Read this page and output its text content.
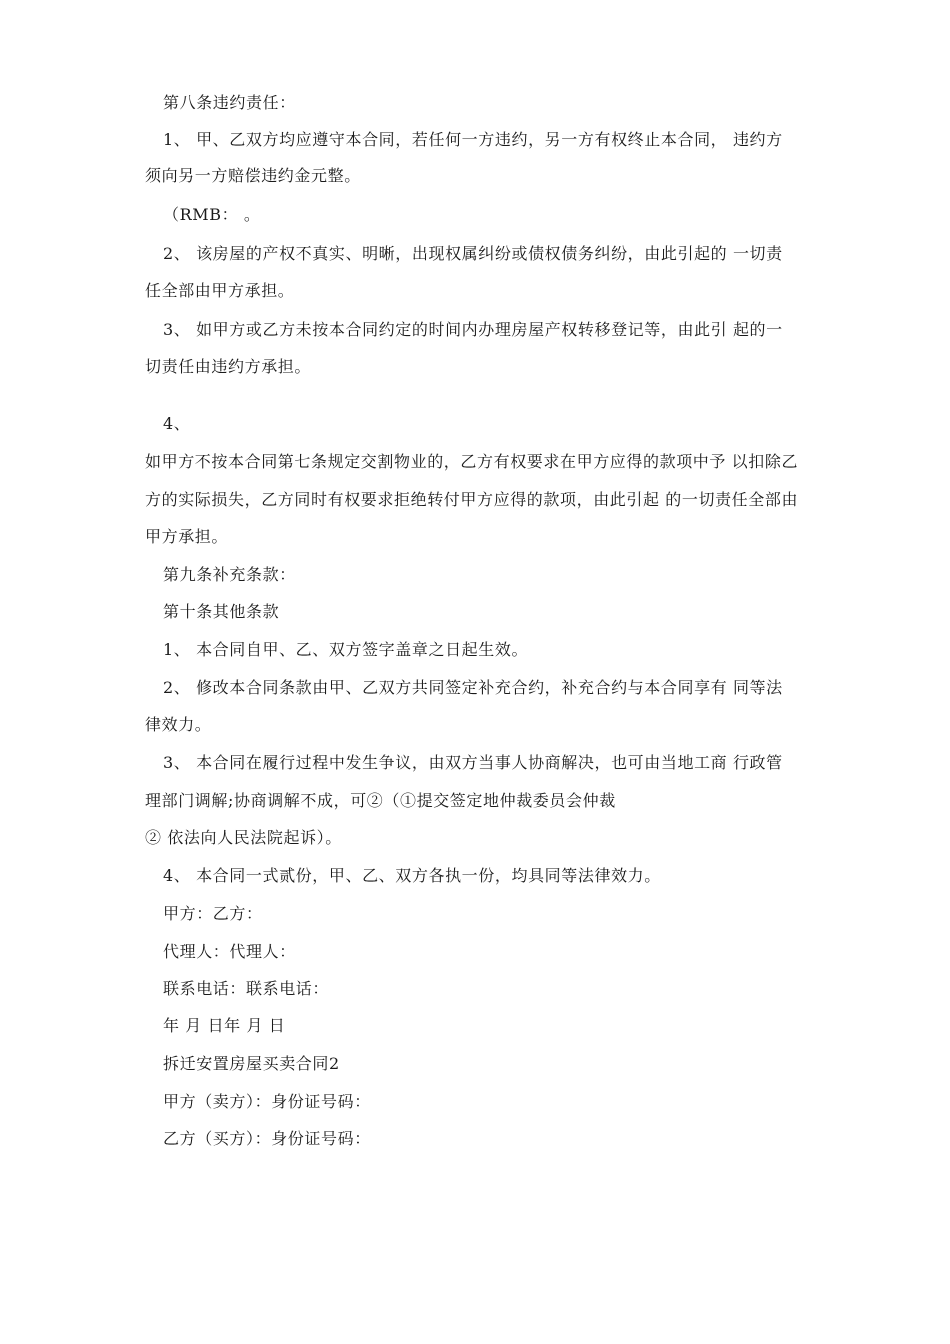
第八条违约责任：
1、 甲、乙双方均应遵守本合同，若任何一方违约，另一方有权终止本合同， 违约方
须向另一方赔偿违约金元整。
（RMB： 。
2、 该房屋的产权不真实、明晰，出现权属纠纷或债权债务纠纷，由此引起的 一切责
任全部由甲方承担。
3、 如甲方或乙方未按本合同约定的时间内办理房屋产权转移登记等，由此引 起的一
切责任由违约方承担。
4、
如甲方不按本合同第七条规定交割物业的，乙方有权要求在甲方应得的款项中予 以扣除乙
方的实际损失，乙方同时有权要求拒绝转付甲方应得的款项，由此引起 的一切责任全部由
甲方承担。
第九条补充条款：
第十条其他条款
1、 本合同自甲、乙、双方签字盖章之日起生效。
2、 修改本合同条款由甲、乙双方共同签定补充合约，补充合约与本合同享有 同等法
律效力。
3、 本合同在履行过程中发生争议，由双方当事人协商解决，也可由当地工商 行政管
理部门调解;协商调解不成，可②（①提交签定地仲裁委员会仲裁
② 依法向人民法院起诉）。
4、 本合同一式贰份，甲、乙、双方各执一份，均具同等法律效力。
甲方：乙方：
代理人：代理人：
联系电话：联系电话：
年 月 日年 月 日
拆迁安置房屋买卖合同2
甲方（卖方）：身份证号码：
乙方（买方）：身份证号码：
